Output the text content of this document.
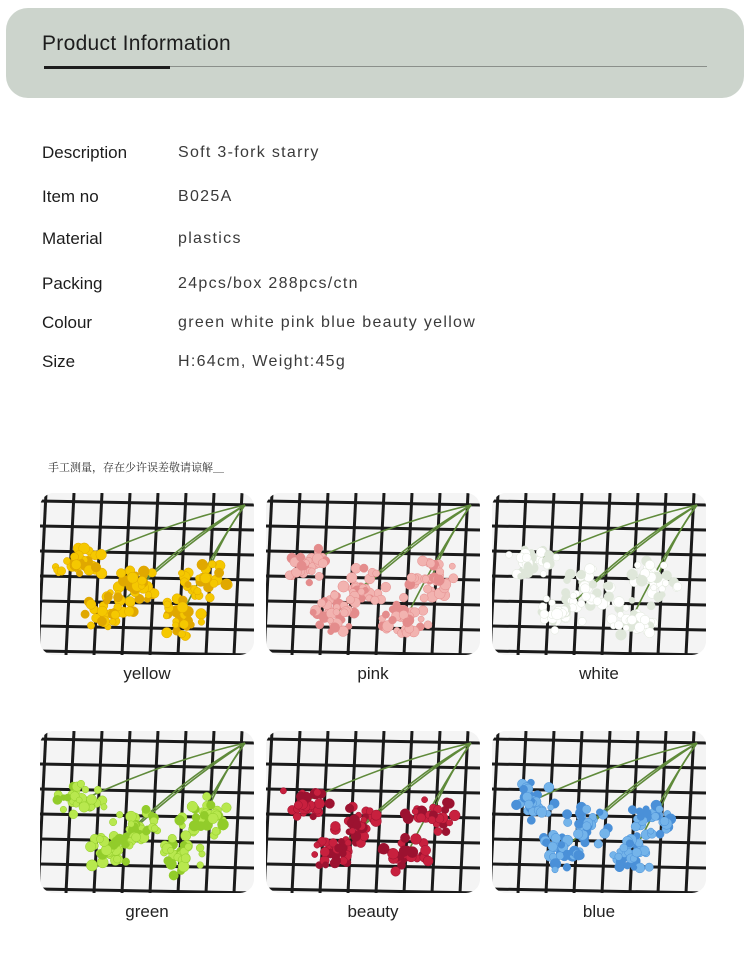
Product Information
Description	Soft 3-fork starry
Item no	B025A
Material	plastics
Packing	24pcs/box 288pcs/ctn
Colour	green white pink blue beauty yellow
Size	H:64cm, Weight:45g
手工测量，存在少许误差敬请谅解＿
yellow	pink	white
green	beauty	blue
